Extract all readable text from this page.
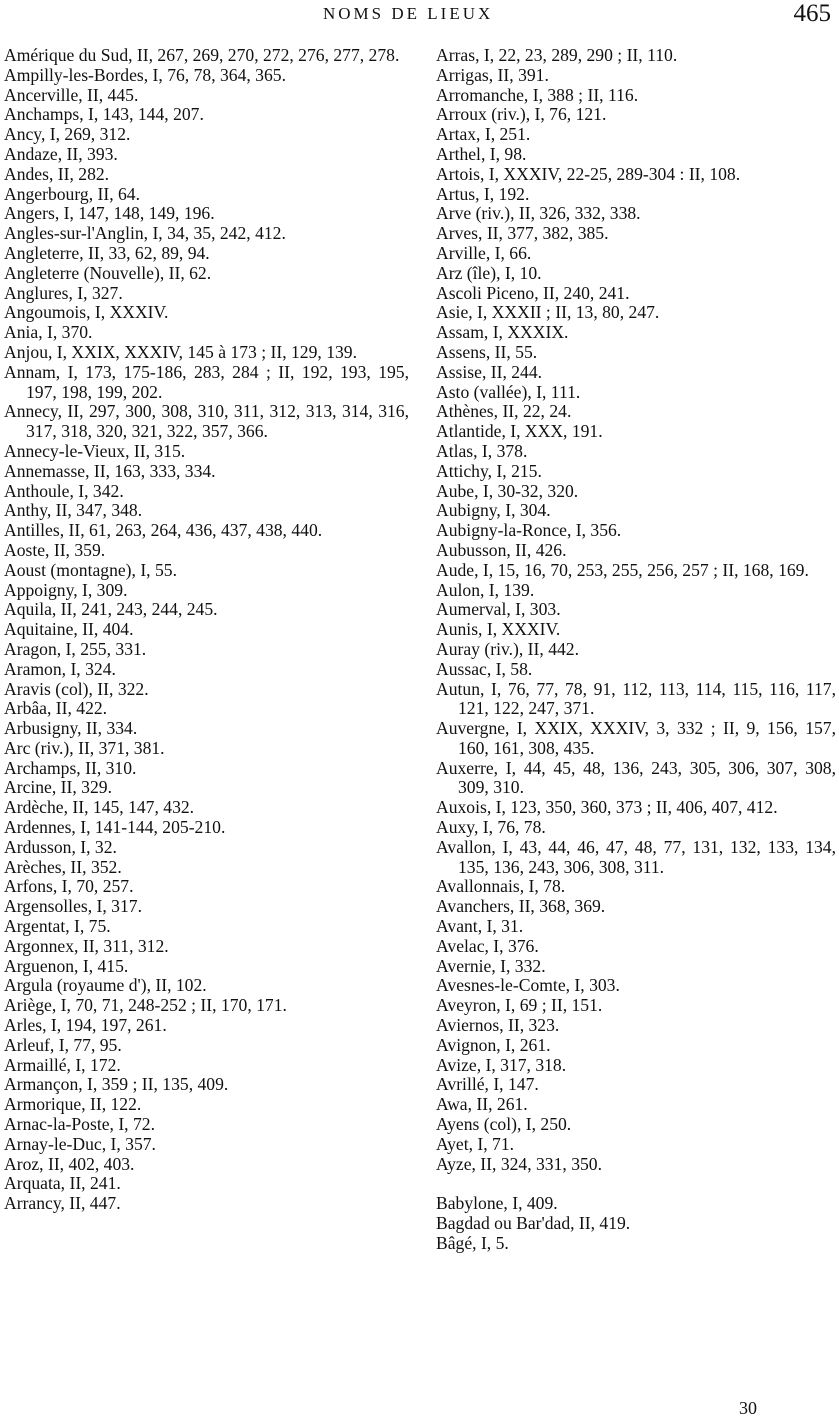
NOMS DE LIEUX	465

Amérique du Sud, II, 267, 269, 270, 272, 276, 277, 278.

Ampilly-les-Bordes, I, 76, 78, 364, 365.

Ancerville, II, 445.

Anchamps, I, 143, 144, 207.

Ancy, I, 269, 312.

Andaze, II, 393.

Andes, II, 282.

Angerbourg, II, 64.

Angers, I, 147, 148, 149, 196.

Angles-sur-l'Anglin, I, 34, 35, 242, 412.

Angleterre, II, 33, 62, 89, 94.

Angleterre (Nouvelle), II, 62.

Anglures, I, 327.

Angoumois, I, XXXIV.

Ania, I, 370.

Anjou, I, XXIX, XXXIV, 145 à 173 ; II, 129, 139.

Annam, I, 173, 175-186, 283, 284 ; II, 192, 193, 195, 197, 198, 199, 202.

Annecy, II, 297, 300, 308, 310, 311, 312, 313, 314, 316, 317, 318, 320, 321, 322, 357, 366.

Annecy-le-Vieux, II, 315.

Annemasse, II, 163, 333, 334.

Anthoule, I, 342.

Anthy, II, 347, 348.

Antilles, II, 61, 263, 264, 436, 437, 438, 440.

Aoste, II, 359.

Aoust (montagne), I, 55.

Appoigny, I, 309.

Aquila, II, 241, 243, 244, 245.

Aquitaine, II, 404.

Aragon, I, 255, 331.

Aramon, I, 324.

Aravis (col), II, 322.

Arbâa, II, 422.

Arbusigny, II, 334.

Arc (riv.), II, 371, 381.

Archamps, II, 310.

Arcine, II, 329.

Ardèche, II, 145, 147, 432.

Ardennes, I, 141-144, 205-210.

Ardusson, I, 32.

Arèches, II, 352.

Arfons, I, 70, 257.

Argensolles, I, 317.

Argentat, I, 75.

Argonnex, II, 311, 312.

Arguenon, I, 415.

Argula (royaume d'), II, 102.

Ariège, I, 70, 71, 248-252 ; II, 170, 171.

Arles, I, 194, 197, 261.

Arleuf, I, 77, 95.

Armaillé, I, 172.

Armançon, I, 359 ; II, 135, 409.

Armorique, II, 122.

Arnac-la-Poste, I, 72.

Arnay-le-Duc, I, 357.

Aroz, II, 402, 403.

Arquata, II, 241.

Arrancy, II, 447.

Arras, I, 22, 23, 289, 290 ; II, 110.

Arrigas, II, 391.

Arromanche, I, 388 ; II, 116.

Arroux (riv.), I, 76, 121.

Artax, I, 251.

Arthel, I, 98.

Artois, I, XXXIV, 22-25, 289-304 : II, 108.

Artus, I, 192.

Arve (riv.), II, 326, 332, 338.

Arves, II, 377, 382, 385.

Arville, I, 66.

Arz (île), I, 10.

Ascoli Piceno, II, 240, 241.

Asie, I, XXXII ; II, 13, 80, 247.

Assam, I, XXXIX.

Assens, II, 55.

Assise, II, 244.

Asto (vallée), I, 111.

Athènes, II, 22, 24.

Atlantide, I, XXX, 191.

Atlas, I, 378.

Attichy, I, 215.

Aube, I, 30-32, 320.

Aubigny, I, 304.

Aubigny-la-Ronce, I, 356.

Aubusson, II, 426.

Aude, I, 15, 16, 70, 253, 255, 256, 257 ; II, 168, 169.

Aulon, I, 139.

Aumerval, I, 303.

Aunis, I, XXXIV.

Auray (riv.), II, 442.

Aussac, I, 58.

Autun, I, 76, 77, 78, 91, 112, 113, 114, 115, 116, 117, 121, 122, 247, 371.

Auvergne, I, XXIX, XXXIV, 3, 332 ; II, 9, 156, 157, 160, 161, 308, 435.

Auxerre, I, 44, 45, 48, 136, 243, 305, 306, 307, 308, 309, 310.

Auxois, I, 123, 350, 360, 373 ; II, 406, 407, 412.

Auxy, I, 76, 78.

Avallon, I, 43, 44, 46, 47, 48, 77, 131, 132, 133, 134, 135, 136, 243, 306, 308, 311.

Avallonnais, I, 78.

Avanchers, II, 368, 369.

Avant, I, 31.

Avelac, I, 376.

Avernie, I, 332.

Avesnes-le-Comte, I, 303.

Aveyron, I, 69 ; II, 151.

Aviernos, II, 323.

Avignon, I, 261.

Avize, I, 317, 318.

Avrillé, I, 147.

Awa, II, 261.

Ayens (col), I, 250.

Ayet, I, 71.

Ayze, II, 324, 331, 350.

Babylone, I, 409.

Bagdad ou Bar'dad, II, 419.

Bâgé, I, 5.

30
